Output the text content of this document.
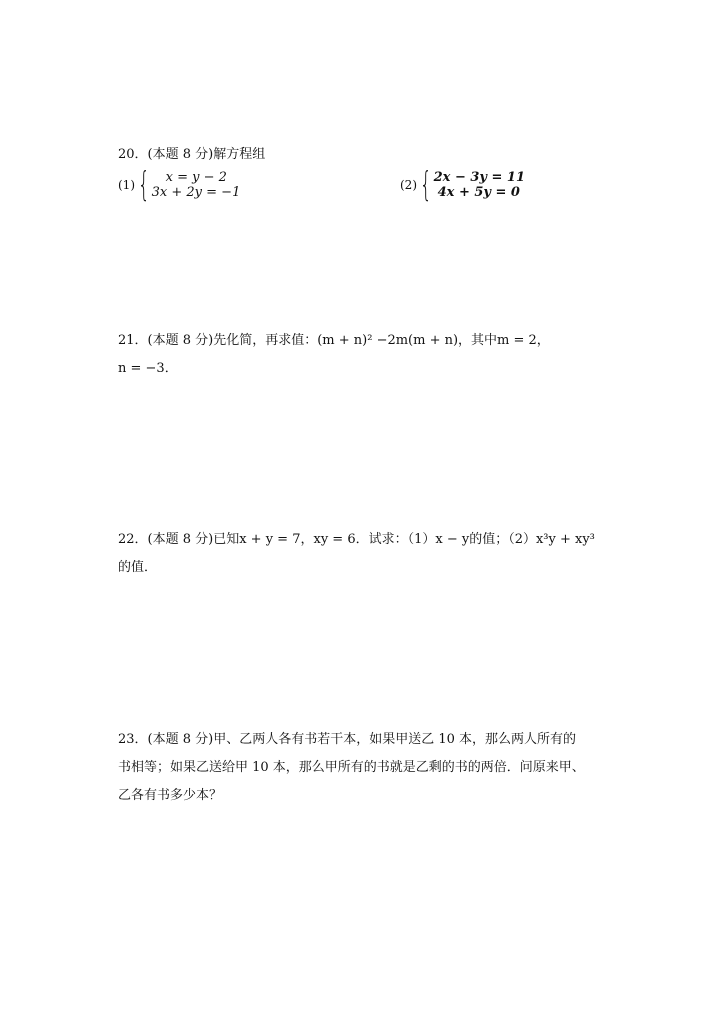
20．(本题 8 分)解方程组
(1) {	x = y − 2
3x + 2y = −1	(2) { 2x − 3y = 11
4x + 5y = 0
21．(本题 8 分)先化简，再求值：(m + n)² −2m(m + n)，其中m = 2，
n = −3．
22．(本题 8 分)已知x + y = 7，xy = 6．试求：（1）x − y的值；（2）x³y + xy³
的值．
23．(本题 8 分)甲、乙两人各有书若干本，如果甲送乙 10 本，那么两人所有的
书相等；如果乙送给甲 10 本，那么甲所有的书就是乙剩的书的两倍．问原来甲、
乙各有书多少本？
